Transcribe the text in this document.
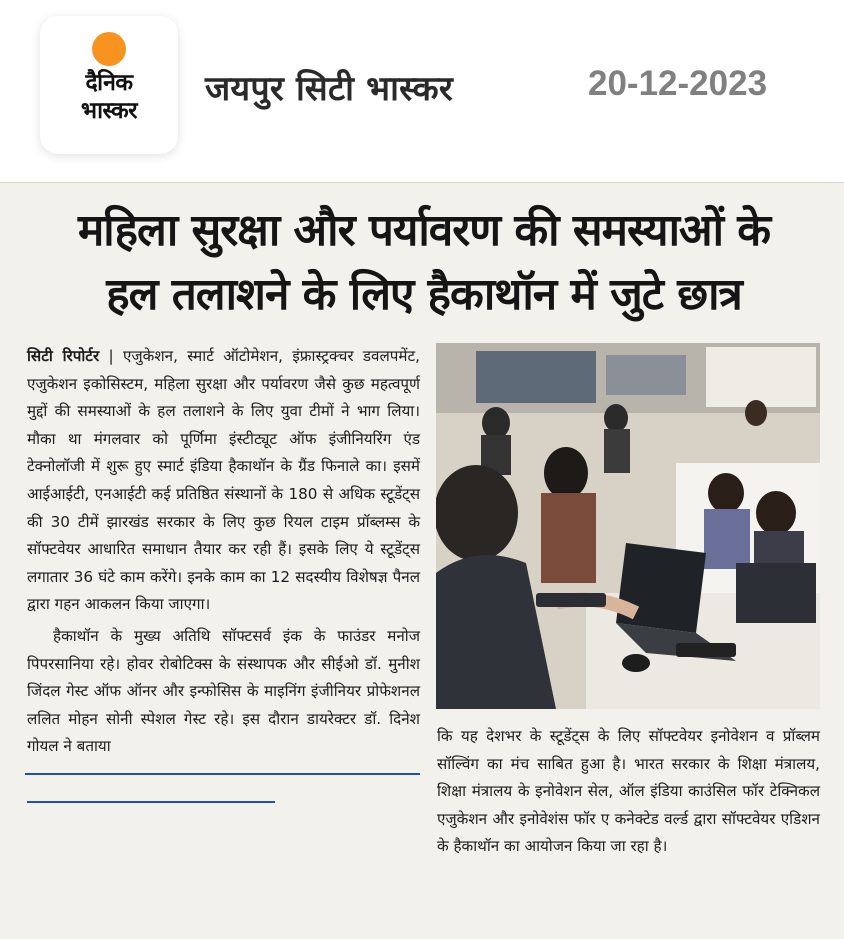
दैनिक
भास्कर
जयपुर सिटी भास्कर	20-12-2023
महिला सुरक्षा और पर्यावरण की समस्याओं के
हल तलाशने के लिए हैकाथॉन में जुटे छात्र

सिटी रिपोर्टर | एजुकेशन, स्मार्ट ऑटोमेशन, इंफ्रास्ट्रक्चर डवलपमेंट, एजुकेशन इकोसिस्टम, महिला सुरक्षा और पर्यावरण जैसे कुछ महत्वपूर्ण मुद्दों की समस्याओं के हल तलाशने के लिए युवा टीमों ने भाग लिया। मौका था मंगलवार को पूर्णिमा इंस्टीट्यूट ऑफ इंजीनियरिंग एंड टेक्नोलॉजी में शुरू हुए स्मार्ट इंडिया हैकाथॉन के ग्रैंड फिनाले का। इसमें आईआईटी, एनआईटी कई प्रतिष्ठित संस्थानों के 180 से अधिक स्टूडेंट्स की 30 टीमें झारखंड सरकार के लिए कुछ रियल टाइम प्रॉब्लम्स के सॉफ्टवेयर आधारित समाधान तैयार कर रही हैं। इसके लिए ये स्टूडेंट्स लगातार 36 घंटे काम करेंगे। इनके काम का 12 सदस्यीय विशेषज्ञ पैनल द्वारा गहन आकलन किया जाएगा।

हैकाथॉन के मुख्य अतिथि सॉफ्टसर्व इंक के फाउंडर मनोज पिपरसानिया रहे। होवर रोबोटिक्स के संस्थापक और सीईओ डॉ. मुनीश जिंदल गेस्ट ऑफ ऑनर और इन्फोसिस के माइनिंग इंजीनियर प्रोफेशनल ललित मोहन सोनी स्पेशल गेस्ट रहे। इस दौरान डायरेक्टर डॉ. दिनेश गोयल ने बताया

कि यह देशभर के स्टूडेंट्स के लिए सॉफ्टवेयर इनोवेशन व प्रॉब्लम सॉल्विंग का मंच साबित हुआ है। भारत सरकार के शिक्षा मंत्रालय, शिक्षा मंत्रालय के इनोवेशन सेल, ऑल इंडिया काउंसिल फॉर टेक्निकल एजुकेशन और इनोवेशंस फॉर ए कनेक्टेड वर्ल्ड द्वारा सॉफ्टवेयर एडिशन के हैकाथॉन का आयोजन किया जा रहा है।
